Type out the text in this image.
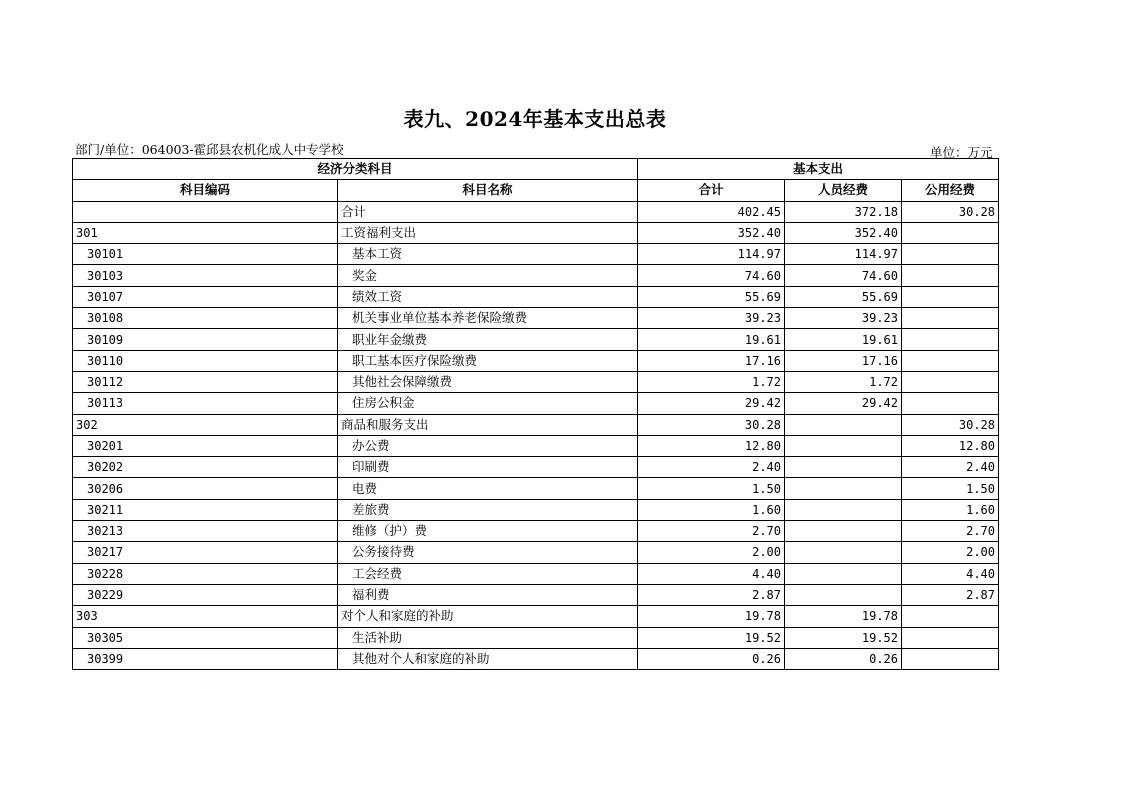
表九、2024年基本支出总表
部门/单位：064003-霍邱县农机化成人中专学校	单位：万元
经济分类科目		基本支出		
科目编码	科目名称	合计	人员经费	公用经费
	合计	402.45	372.18	30.28
301	工资福利支出	352.40	352.40	
30101	基本工资	114.97	114.97	
30103	奖金	74.60	74.60	
30107	绩效工资	55.69	55.69	
30108	机关事业单位基本养老保险缴费	39.23	39.23	
30109	职业年金缴费	19.61	19.61	
30110	职工基本医疗保险缴费	17.16	17.16	
30112	其他社会保障缴费	1.72	1.72	
30113	住房公积金	29.42	29.42	
302	商品和服务支出	30.28		30.28
30201	办公费	12.80		12.80
30202	印刷费	2.40		2.40
30206	电费	1.50		1.50
30211	差旅费	1.60		1.60
30213	维修（护）费	2.70		2.70
30217	公务接待费	2.00		2.00
30228	工会经费	4.40		4.40
30229	福利费	2.87		2.87
303	对个人和家庭的补助	19.78	19.78	
30305	生活补助	19.52	19.52	
30399	其他对个人和家庭的补助	0.26	0.26	
